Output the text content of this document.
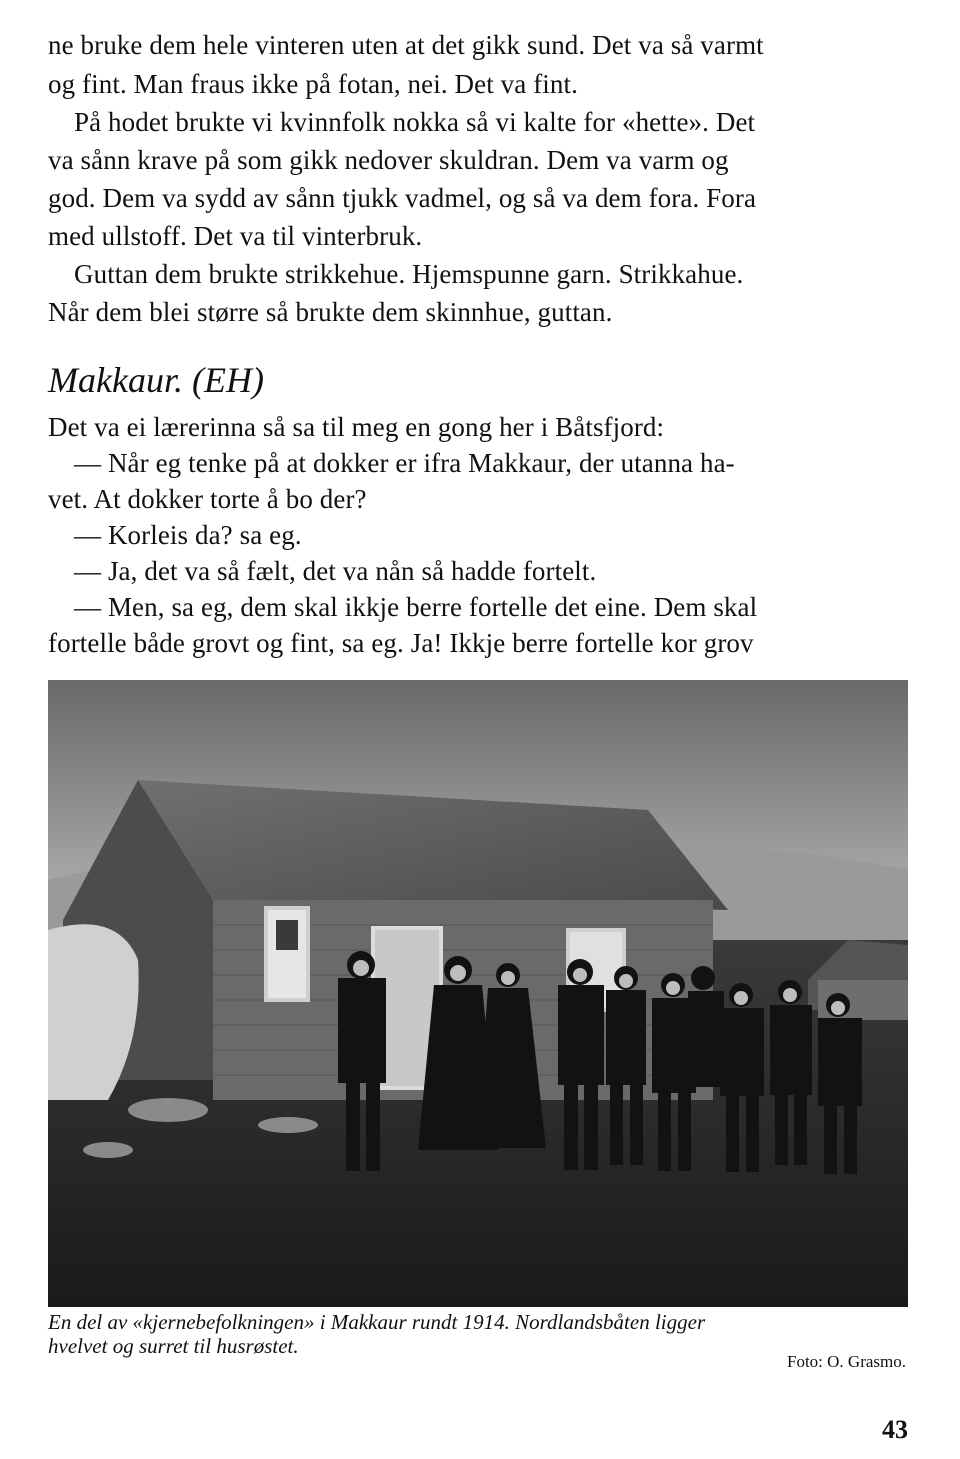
ne bruke dem hele vinteren uten at det gikk sund. Det va så varmt
og fint. Man fraus ikke på fotan, nei. Det va fint.
På hodet brukte vi kvinnfolk nokka så vi kalte for «hette». Det
va sånn krave på som gikk nedover skuldran. Dem va varm og
god. Dem va sydd av sånn tjukk vadmel, og så va dem fora. Fora
med ullstoff. Det va til vinterbruk.
Guttan dem brukte strikkehue. Hjemspunne garn. Strikkahue.
Når dem blei større så brukte dem skinnhue, guttan.
Makkaur. (EH)
Det va ei lærerinna så sa til meg en gong her i Båtsfjord:
— Når eg tenke på at dokker er ifra Makkaur, der utanna ha-
vet. At dokker torte å bo der?
— Korleis da? sa eg.
— Ja, det va så fælt, det va nån så hadde fortelt.
— Men, sa eg, dem skal ikkje berre fortelle det eine. Dem skal
fortelle både grovt og fint, sa eg. Ja! Ikkje berre fortelle kor grov
En del av «kjernebefolkningen» i Makkaur rundt 1914. Nordlandsbåten ligger
hvelvet og surret til husrøstet.
Foto: O. Grasmo.
43
